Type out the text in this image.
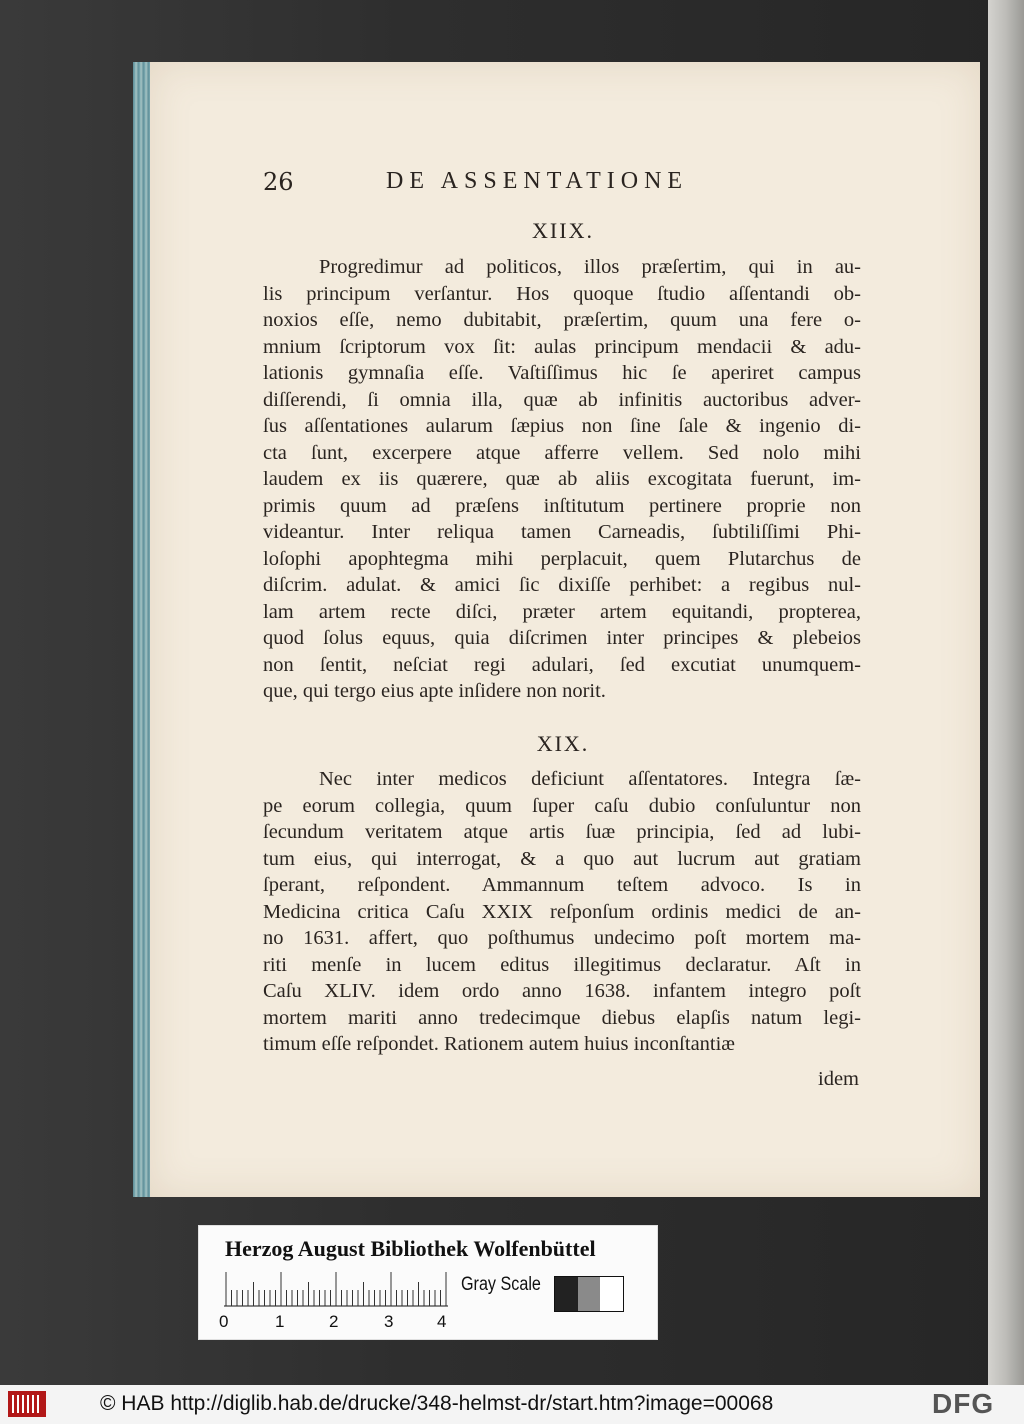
26	DE ASSENTATIONE
XIIX.
Progredimur ad politicos, illos præſertim, qui in au-
lis principum verſantur. Hos quoque ſtudio aſſentandi ob-
noxios eſſe, nemo dubitabit, præſertim, quum una fere o-
mnium ſcriptorum vox ſit: aulas principum mendacii & adu-
lationis gymnaſia eſſe. Vaſtiſſimus hic ſe aperiret campus
diſſerendi, ſi omnia illa, quæ ab infinitis auctoribus adver-
ſus aſſentationes aularum ſæpius non ſine ſale & ingenio di-
cta ſunt, excerpere atque afferre vellem. Sed nolo mihi
laudem ex iis quærere, quæ ab aliis excogitata fuerunt, im-
primis quum ad præſens inſtitutum pertinere proprie non
videantur. Inter reliqua tamen Carneadis, ſubtiliſſimi Phi-
loſophi apophtegma mihi perplacuit, quem Plutarchus de
diſcrim. adulat. & amici ſic dixiſſe perhibet: a regibus nul-
lam artem recte diſci, præter artem equitandi, propterea,
quod ſolus equus, quia diſcrimen inter principes & plebeios
non ſentit, neſciat regi adulari, ſed excutiat unumquem-
que, qui tergo eius apte inſidere non norit.
XIX.
Nec inter medicos deficiunt aſſentatores. Integra ſæ-
pe eorum collegia, quum ſuper caſu dubio conſuluntur non
ſecundum veritatem atque artis ſuæ principia, ſed ad lubi-
tum eius, qui interrogat, & a quo aut lucrum aut gratiam
ſperant, reſpondent. Ammannum teſtem advoco. Is in
Medicina critica Caſu XXIX reſponſum ordinis medici de an-
no 1631. affert, quo poſthumus undecimo poſt mortem ma-
riti menſe in lucem editus illegitimus declaratur. Aſt in
Caſu XLIV. idem ordo anno 1638. infantem integro poſt
mortem mariti anno tredecimque diebus elapſis natum legi-
timum eſſe reſpondet. Rationem autem huius inconſtantiæ
idem
Herzog August Bibliothek Wolfenbüttel
0	1	2	3	4
Gray Scale
© HAB http://diglib.hab.de/drucke/348-helmst-dr/start.htm?image=00068	DFG
